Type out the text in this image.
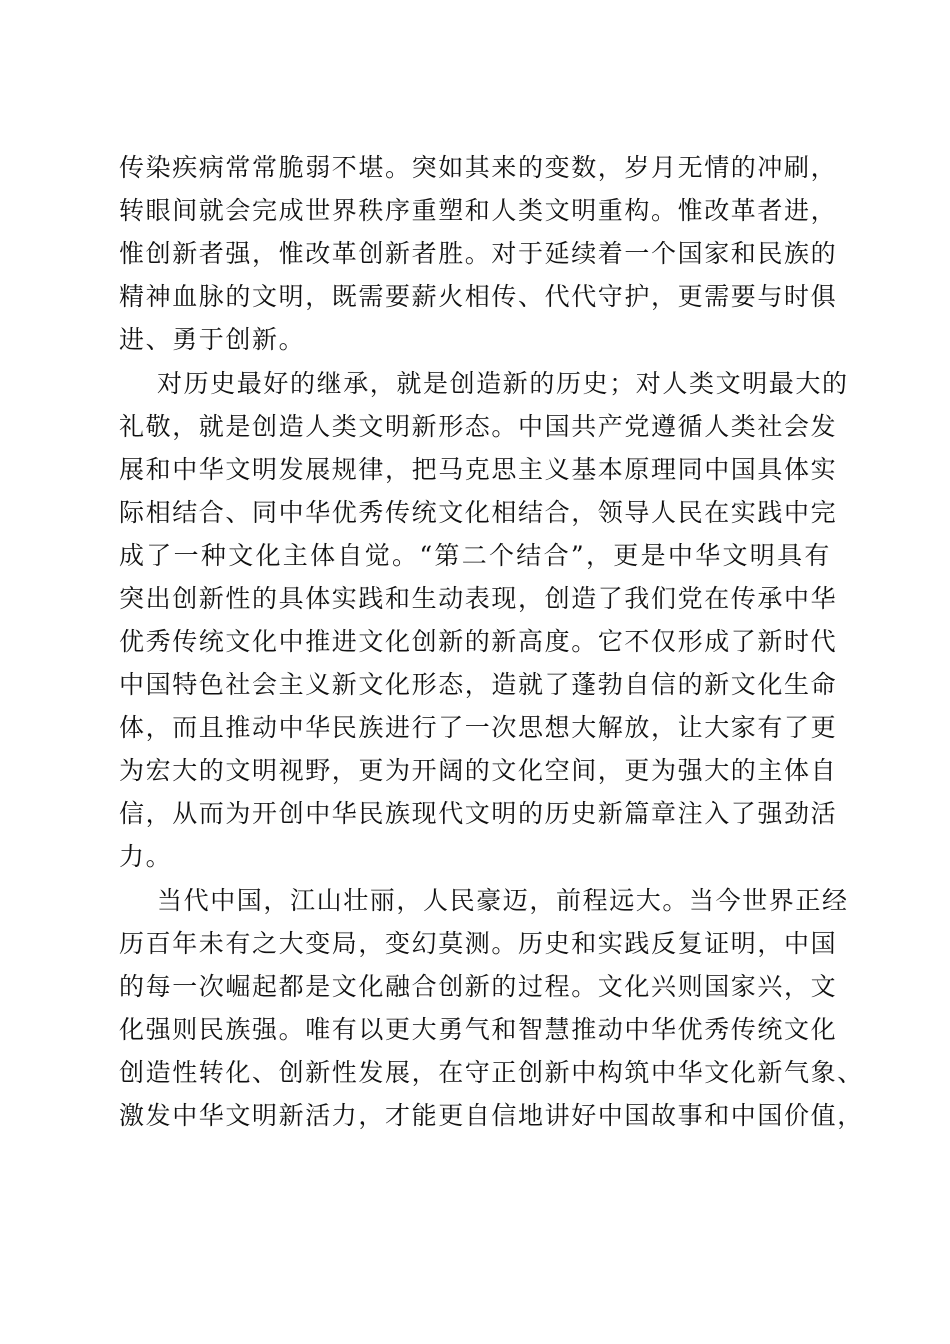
传染疾病常常脆弱不堪。突如其来的变数，岁月无情的冲刷，
转眼间就会完成世界秩序重塑和人类文明重构。惟改革者进，
惟创新者强，惟改革创新者胜。对于延续着一个国家和民族的
精神血脉的文明，既需要薪火相传、代代守护，更需要与时俱
进、勇于创新。
对历史最好的继承，就是创造新的历史；对人类文明最大的
礼敬，就是创造人类文明新形态。中国共产党遵循人类社会发
展和中华文明发展规律，把马克思主义基本原理同中国具体实
际相结合、同中华优秀传统文化相结合，领导人民在实践中完
成了一种文化主体自觉。“第二个结合”，更是中华文明具有
突出创新性的具体实践和生动表现，创造了我们党在传承中华
优秀传统文化中推进文化创新的新高度。它不仅形成了新时代
中国特色社会主义新文化形态，造就了蓬勃自信的新文化生命
体，而且推动中华民族进行了一次思想大解放，让大家有了更
为宏大的文明视野，更为开阔的文化空间，更为强大的主体自
信，从而为开创中华民族现代文明的历史新篇章注入了强劲活
力。
当代中国，江山壮丽，人民豪迈，前程远大。当今世界正经
历百年未有之大变局，变幻莫测。历史和实践反复证明，中国
的每一次崛起都是文化融合创新的过程。文化兴则国家兴，文
化强则民族强。唯有以更大勇气和智慧推动中华优秀传统文化
创造性转化、创新性发展，在守正创新中构筑中华文化新气象、
激发中华文明新活力，才能更自信地讲好中国故事和中国价值，
